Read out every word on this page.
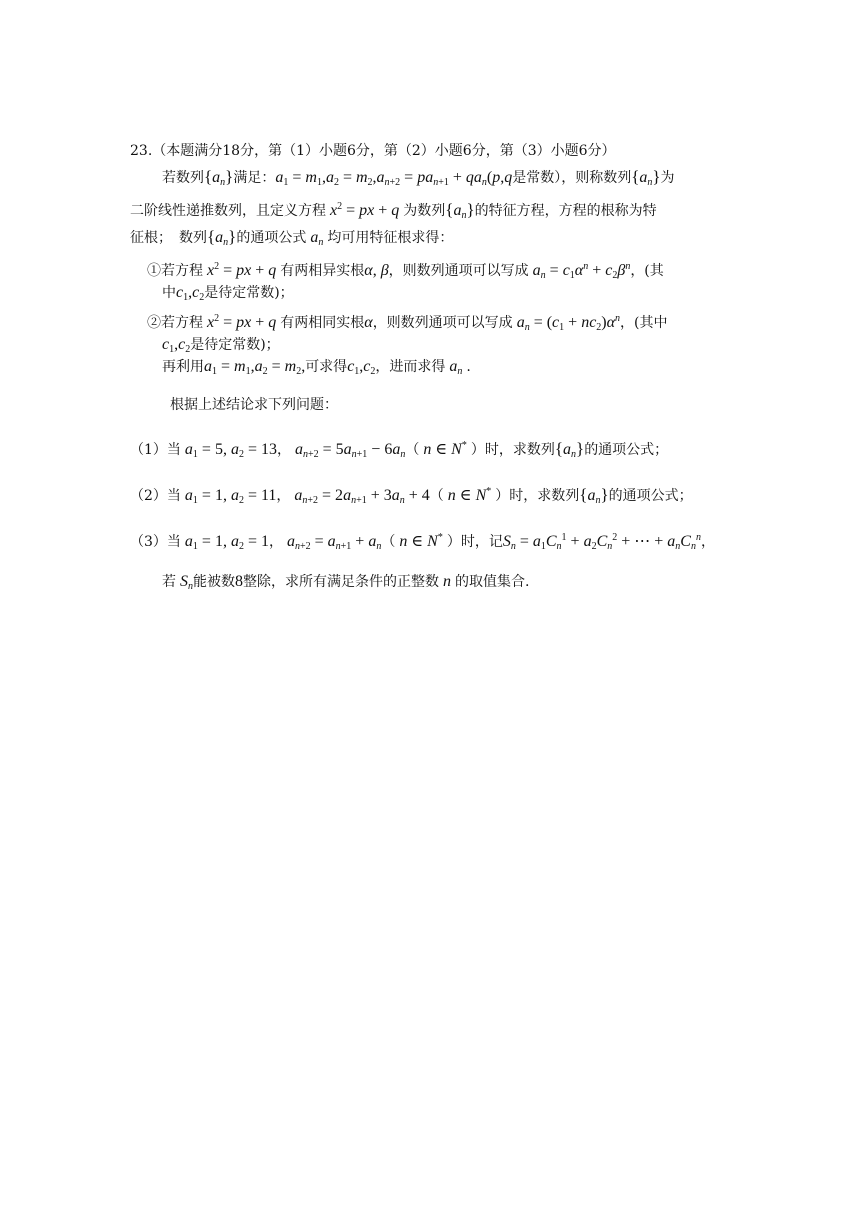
23.（本题满分18分，第（1）小题6分，第（2）小题6分，第（3）小题6分）
若数列$\{a_n\}$满足：$a_1 = m_1,a_2 = m_2,a_{n+2} = pa_{n+1} + qa_n(p,q$是常数），则称数列$\{a_n\}$为
二阶线性递推数列，且定义方程 $x^2$ = px + q 为数列$\{a_n\}$的特征方程，方程的根称为特
征根；　数列$\{a_n\}$的通项公式 $a_n$ 均可用特征根求得：
①若方程 $x^2$ = px + q 有两相异实根α, β，则数列通项可以写成 $a_n = c_1\alpha^n + c_2\beta^n$，(其
中$c_1,c_2$是待定常数)；
②若方程 $x^2$ = px + q 有两相同实根α，则数列通项可以写成 $a_n = (c_1 + nc_2)\alpha^n$，(其中
$c_1,c_2$是待定常数)；
再利用$a_1 = m_1,a_2 = m_2$,可求得$c_1,c_2$，进而求得 $a_n$ .
根据上述结论求下列问题：
（1）当 $a_1 = 5$, $a_2 = 13$， $a_{n+2} = 5a_{n+1} - 6a_n$（ n ∈ N* ）时，求数列$\{a_n\}$的通项公式；
（2）当 $a_1 = 1$, $a_2 = 11$， $a_{n+2} = 2a_{n+1} + 3a_n + 4$（ n ∈ N* ）时，求数列$\{a_n\}$的通项公式；
（3）当 $a_1 = 1$, $a_2 = 1$， $a_{n+2} = a_{n+1} + a_n$（ n ∈ N* ）时，记$S_n = a_1C_n^1 + a_2C_n^2$ + ⋯ + $a_nC_n^n$，
若 $S_n$能被数8整除，求所有满足条件的正整数 n 的取值集合.
